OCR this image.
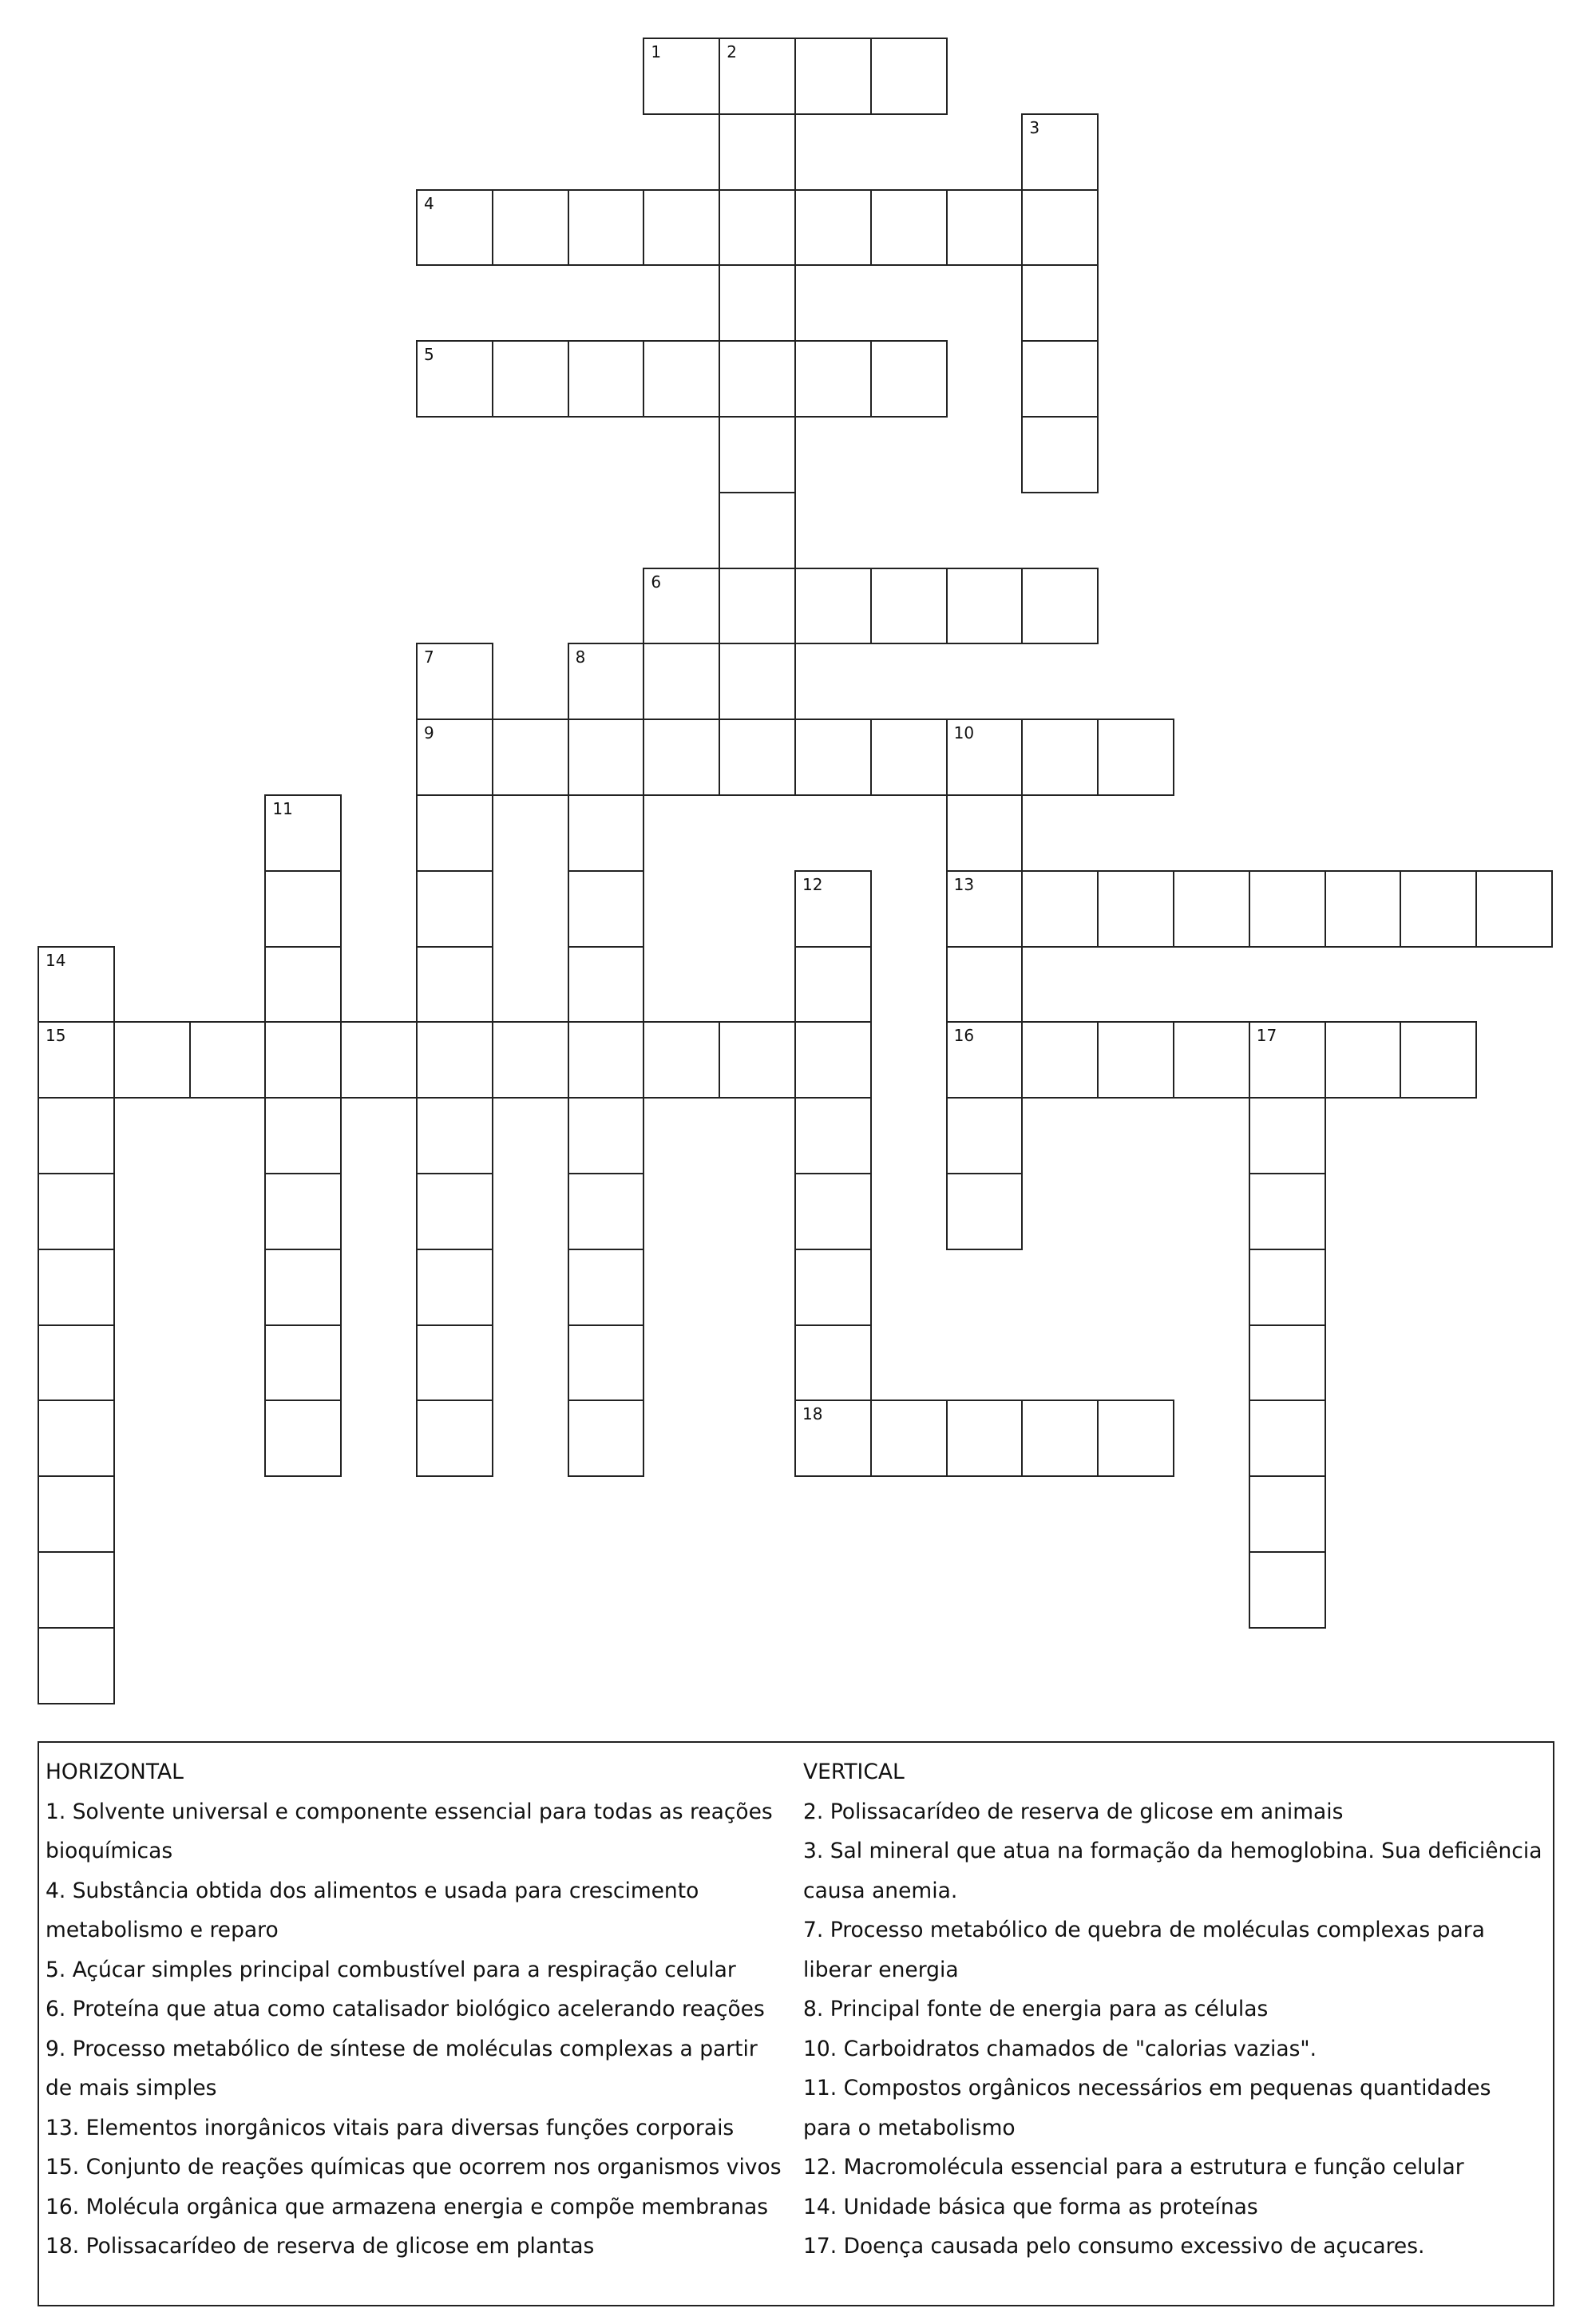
1	2
3
4
5
6
7	8
9	10
11
12	13
14
15	16	17
18
HORIZONTAL
1. Solvente universal e componente essencial para todas as reações
bioquímicas
4. Substância obtida dos alimentos e usada para crescimento
metabolismo e reparo
5. Açúcar simples principal combustível para a respiração celular
6. Proteína que atua como catalisador biológico acelerando reações
9. Processo metabólico de síntese de moléculas complexas a partir
de mais simples
13. Elementos inorgânicos vitais para diversas funções corporais
15. Conjunto de reações químicas que ocorrem nos organismos vivos
16. Molécula orgânica que armazena energia e compõe membranas
18. Polissacarídeo de reserva de glicose em plantas
VERTICAL
2. Polissacarídeo de reserva de glicose em animais
3. Sal mineral que atua na formação da hemoglobina. Sua deficiência
causa anemia.
7. Processo metabólico de quebra de moléculas complexas para
liberar energia
8. Principal fonte de energia para as células
10. Carboidratos chamados de "calorias vazias".
11. Compostos orgânicos necessários em pequenas quantidades
para o metabolismo
12. Macromolécula essencial para a estrutura e função celular
14. Unidade básica que forma as proteínas
17. Doença causada pelo consumo excessivo de açucares.
